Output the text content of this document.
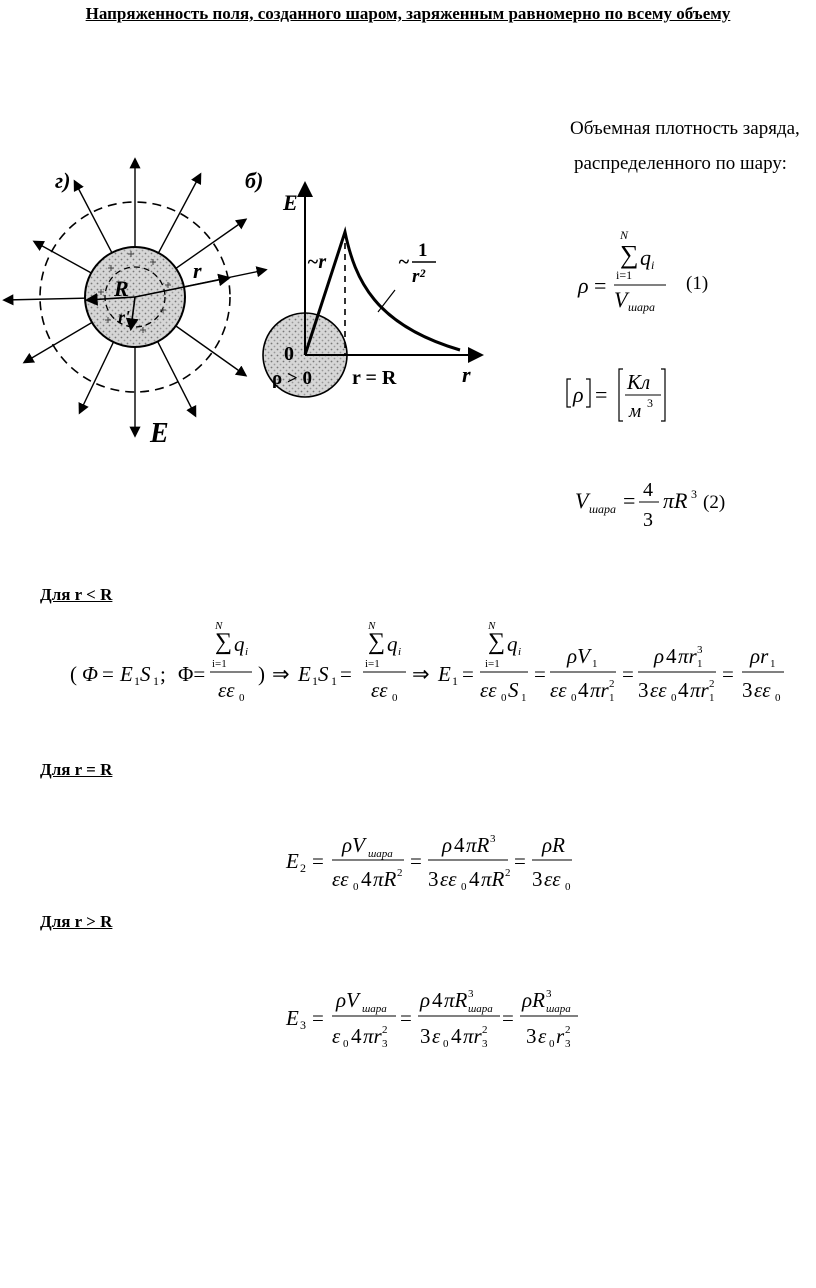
Напряженность поля, созданного шаром, заряженным равномерно по всему объему
г)
R
r
r'
E
б)
E
~r	~
1
r²
0
ρ > 0 r = R	r
Объемная плотность заряда,
распределенного по шару:
ρ =
∑
N
i=1
q i
V шара
(1)
ρ = Кл
м 3
V шара = 4
3
πR 3 (2)
Для r < R
( Φ = E 1 S 1 ; Φ=
∑
N
i=1
q i
εε 0
) ⇒ E 1 S 1 =
∑
N
i=1
q i
εε 0
⇒ E 1 =
∑
N
i=1
q i
εε 0 S 1
=
ρV 1
εε 0 4 πr 1
2 =
ρ 4 πr 1
3
3 εε 0 4 πr 1
2 =
ρr 1
3 εε 0
Для r = R
E 2 =
ρV шара
εε 0 4 πR 2 =
ρ 4 πR 3
3 εε 0 4 πR 2 =
ρR
3 εε 0
Для r > R
E 3 =
ρV шара
ε 0 4 πr 3
2 =
ρ 4 πR 3
шара
3 ε 0 4 πr 3
2 =
ρR 3
шара
3 ε 0 r 3
2
